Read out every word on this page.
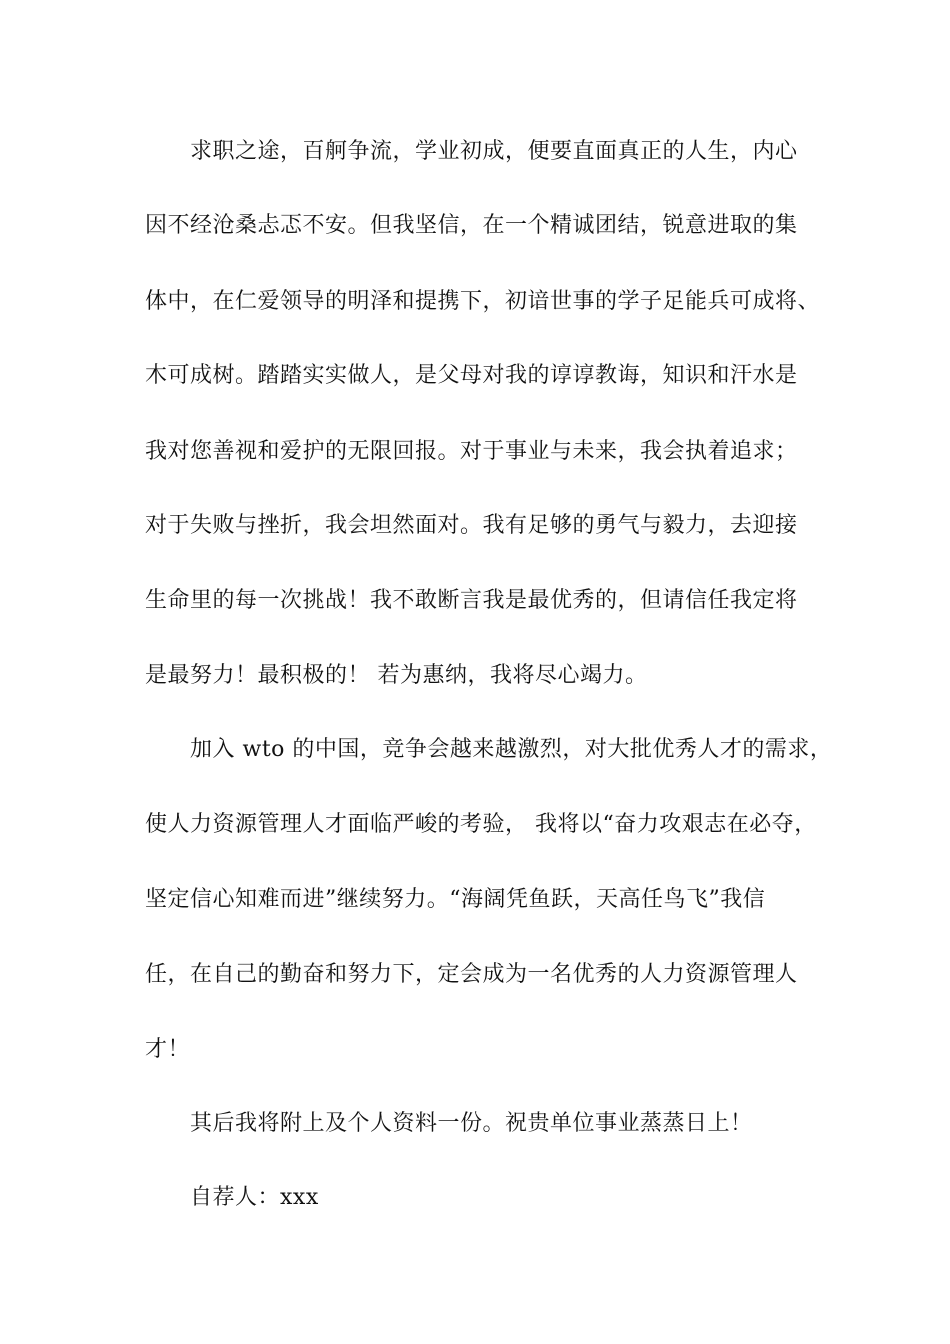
求职之途，百舸争流，学业初成，便要直面真正的人生，内心
因不经沧桑忐忑不安。但我坚信，在一个精诚团结，锐意进取的集
体中，在仁爱领导的明泽和提携下，初谙世事的学子足能兵可成将、
木可成树。踏踏实实做人，是父母对我的谆谆教诲，知识和汗水是
我对您善视和爱护的无限回报。对于事业与未来，我会执着追求；
对于失败与挫折，我会坦然面对。我有足够的勇气与毅力，去迎接
生命里的每一次挑战！我不敢断言我是最优秀的，但请信任我定将
是最努力！最积极的！ 若为惠纳，我将尽心竭力。
加入 wto 的中国，竞争会越来越激烈，对大批优秀人才的需求，
使人力资源管理人才面临严峻的考验， 我将以“奋力攻艰志在必夺，
坚定信心知难而进”继续努力。“海阔凭鱼跃，天高任鸟飞”我信
任，在自己的勤奋和努力下，定会成为一名优秀的人力资源管理人
才！
其后我将附上及个人资料一份。祝贵单位事业蒸蒸日上！
自荐人：xxx
